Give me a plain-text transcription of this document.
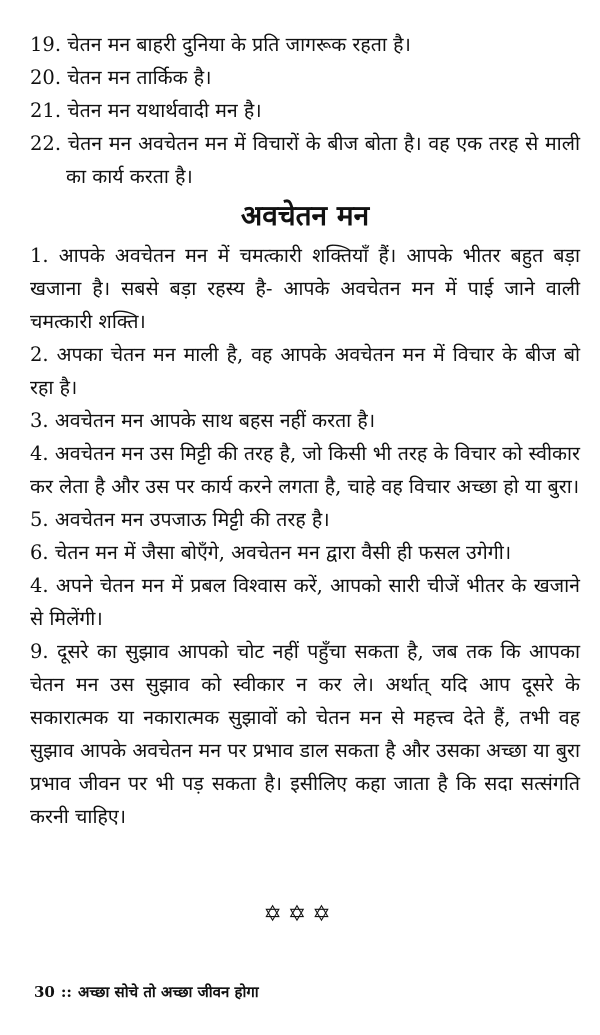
19. चेतन मन बाहरी दुनिया के प्रति जागरूक रहता है।

20. चेतन मन तार्किक है।

21. चेतन मन यथार्थवादी मन है।

22. चेतन मन अवचेतन मन में विचारों के बीज बोता है। वह एक तरह से माली का कार्य करता है।

अवचेतन मन

1. आपके अवचेतन मन में चमत्कारी शक्तियाँ हैं। आपके भीतर बहुत बड़ा खजाना है। सबसे बड़ा रहस्य है- आपके अवचेतन मन में पाई जाने वाली चमत्कारी शक्ति।

2. अपका चेतन मन माली है, वह आपके अवचेतन मन में विचार के बीज बो रहा है।

3. अवचेतन मन आपके साथ बहस नहीं करता है।

4. अवचेतन मन उस मिट्टी की तरह है, जो किसी भी तरह के विचार को स्वीकार कर लेता है और उस पर कार्य करने लगता है, चाहे वह विचार अच्छा हो या बुरा।

5. अवचेतन मन उपजाऊ मिट्टी की तरह है।

6. चेतन मन में जैसा बोएँगे, अवचेतन मन द्वारा वैसी ही फसल उगेगी।

4. अपने चेतन मन में प्रबल विश्वास करें, आपको सारी चीजें भीतर के खजाने से मिलेंगी।

9. दूसरे का सुझाव आपको चोट नहीं पहुँचा सकता है, जब तक कि आपका चेतन मन उस सुझाव को स्वीकार न कर ले। अर्थात् यदि आप दूसरे के सकारात्मक या नकारात्मक सुझावों को चेतन मन से महत्त्व देते हैं, तभी वह सुझाव आपके अवचेतन मन पर प्रभाव डाल सकता है और उसका अच्छा या बुरा प्रभाव जीवन पर भी पड़ सकता है। इसीलिए कहा जाता है कि सदा सत्संगति करनी चाहिए।

✡✡✡
30 :: अच्छा सोचे तो अच्छा जीवन होगा
